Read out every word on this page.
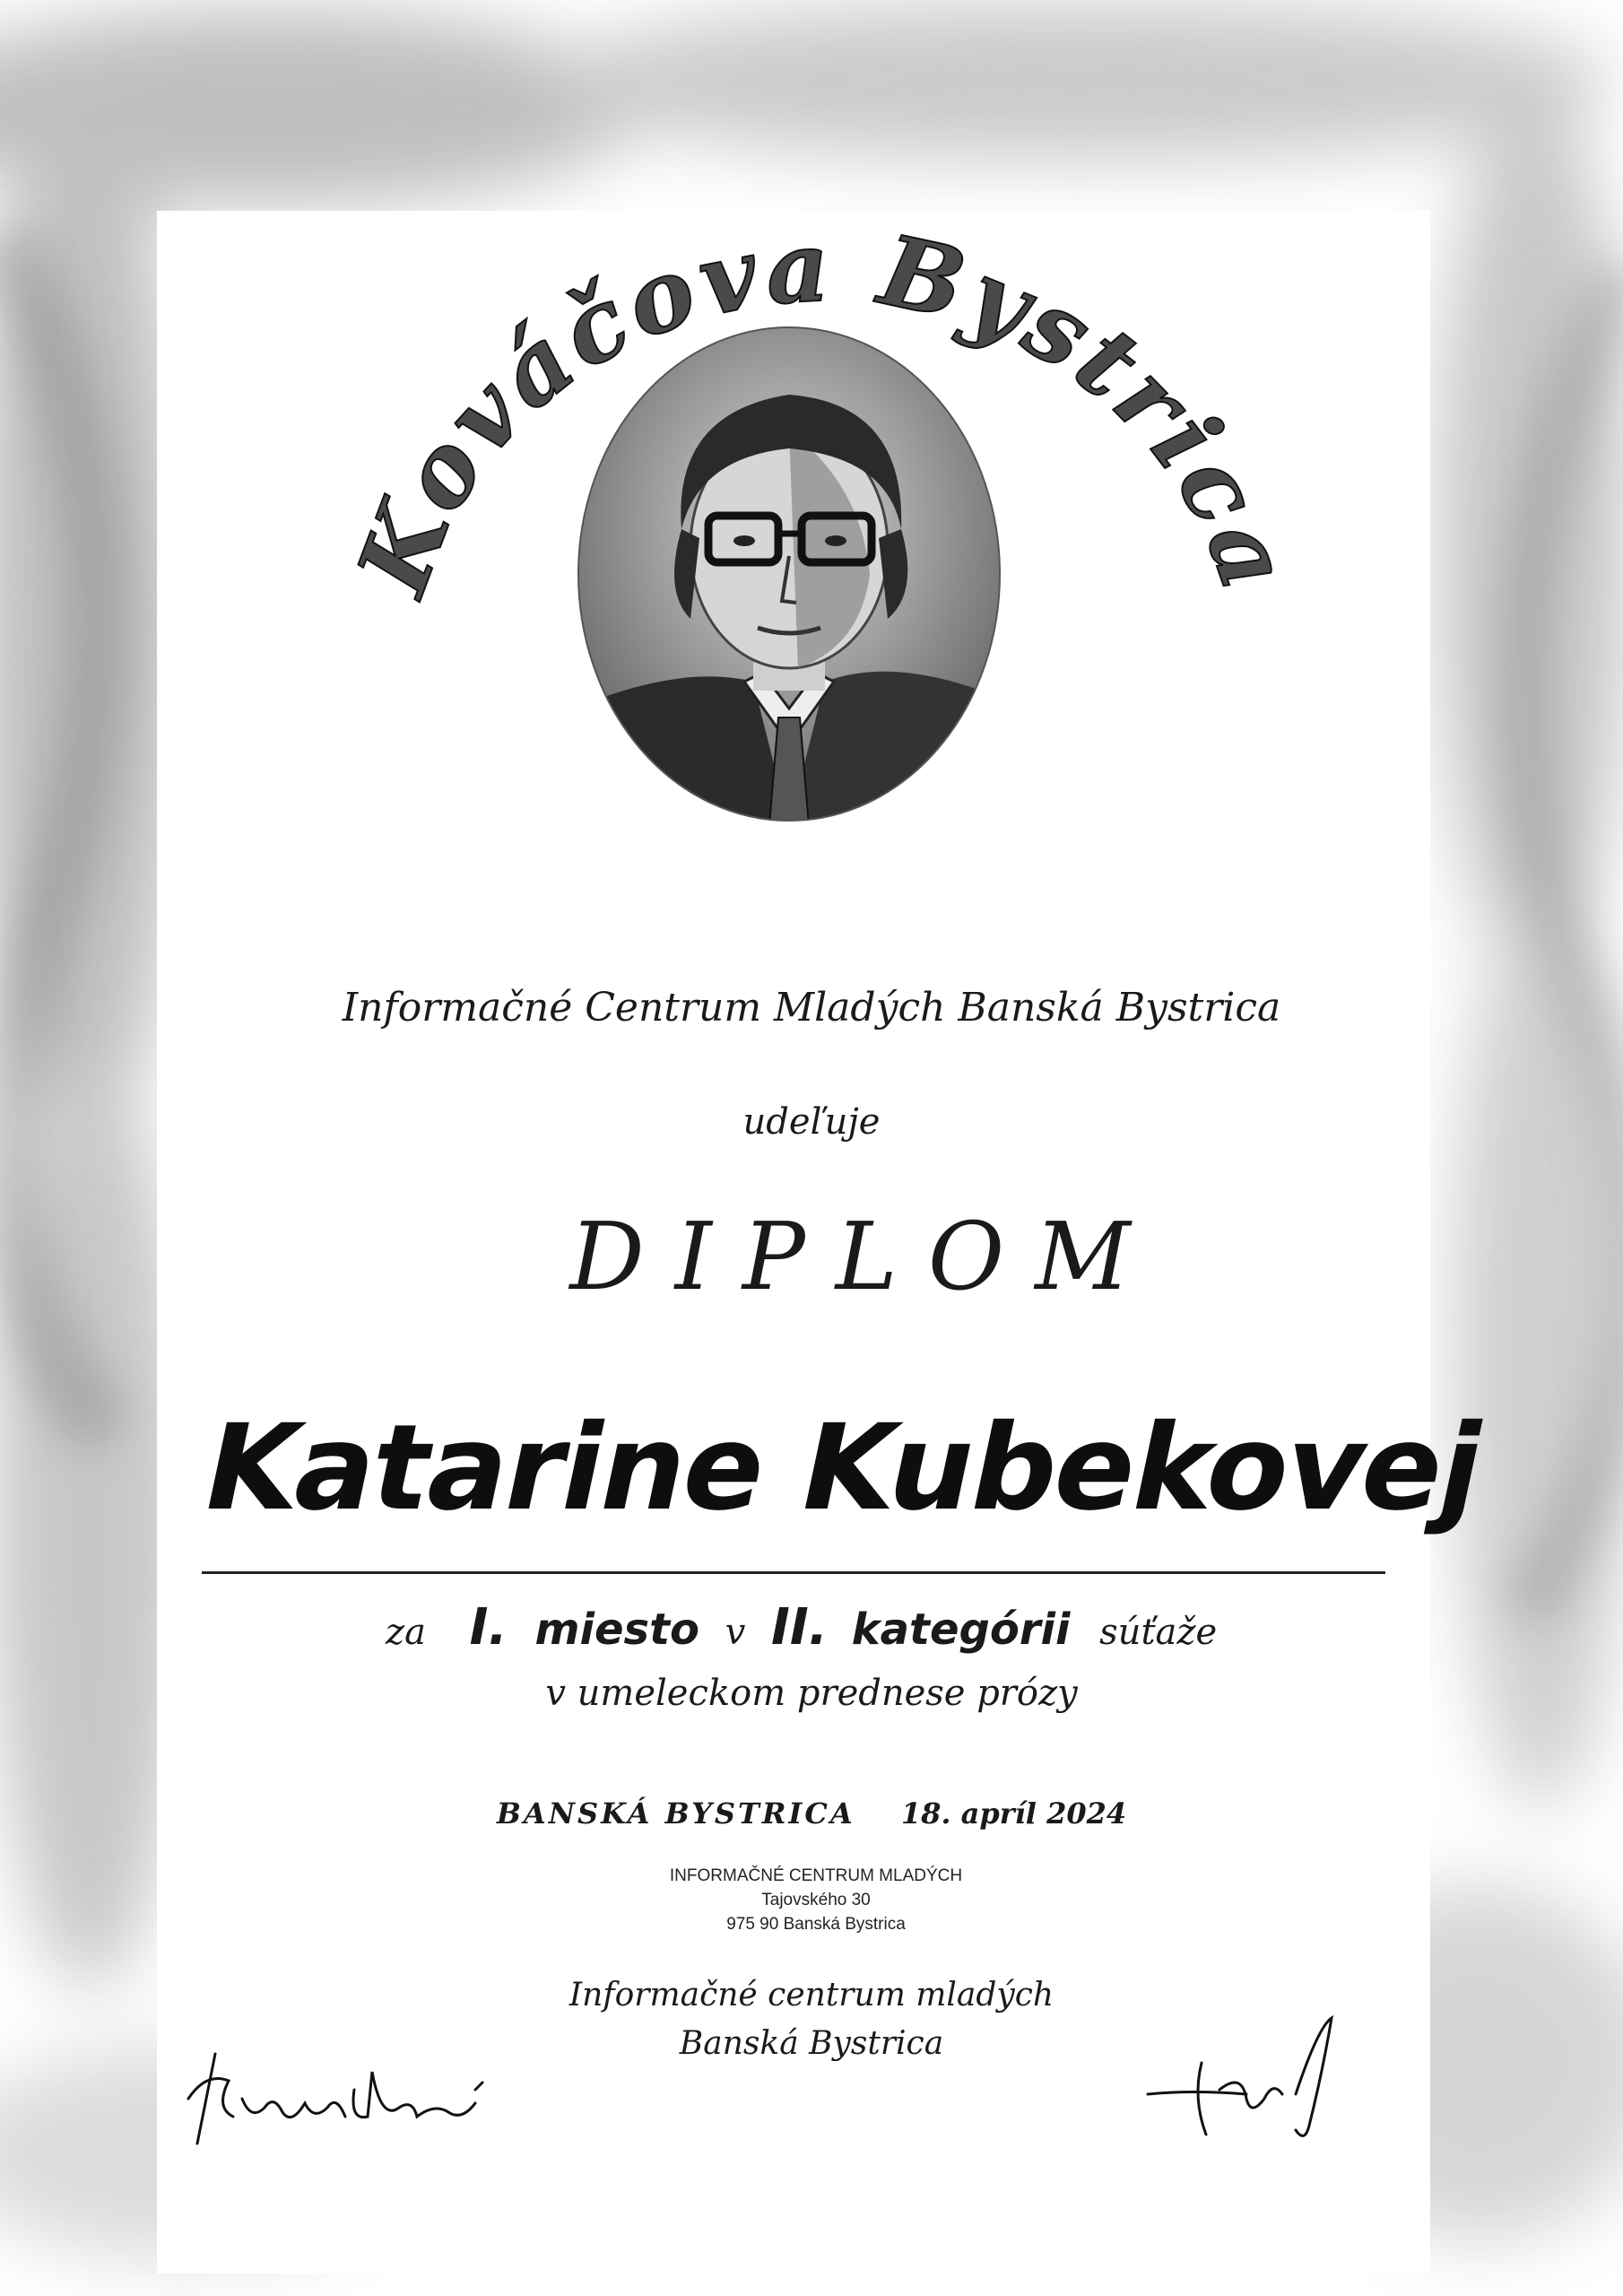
Kováčova Bystrica
Informačné Centrum Mladých Banská Bystrica
udeľuje
DIPLOM
Katarine Kubekovej
za I. miesto v II. kategórii súťaže
v umeleckom prednese prózy
BANSKÁ BYSTRICA 18. apríl 2024
INFORMAČNÉ CENTRUM MLADÝCH
Tajovského 30
975 90 Banská Bystrica
Informačné centrum mladých
Banská Bystrica
